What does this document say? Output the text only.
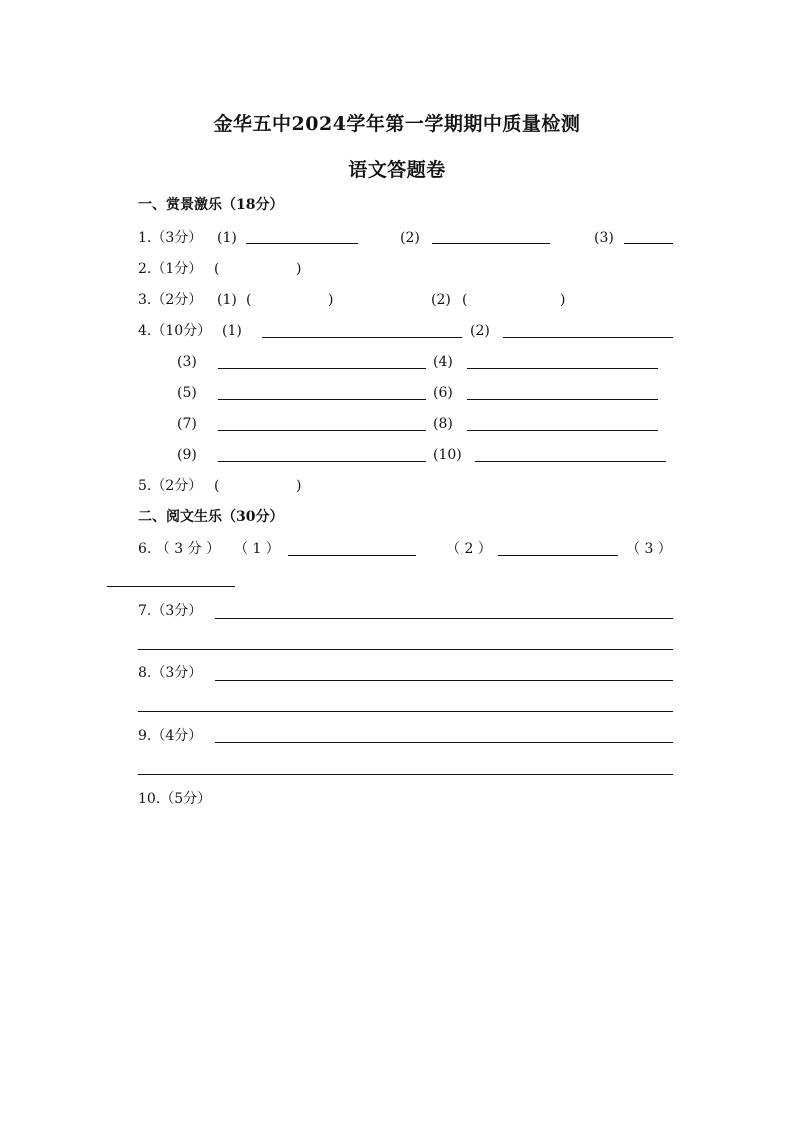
金华五中2024学年第一学期期中质量检测
语文答题卷
一、赏景激乐（18分）
1.（3分） (1)	(2)	(3)
2.（1分） (	)
3.（2分） (1) (	)	(2) (	)
4.（10分） (1)	(2)
(3)	(4)
(5)	(6)
(7)	(8)
(9)	(10)
5.（2分） (	)
二、阅文生乐（30分）
6. （ 3 分 ） （ 1 ）	（ 2 ）	（ 3 ）
7.（3分）
8.（3分）
9.（4分）
10.（5分）
